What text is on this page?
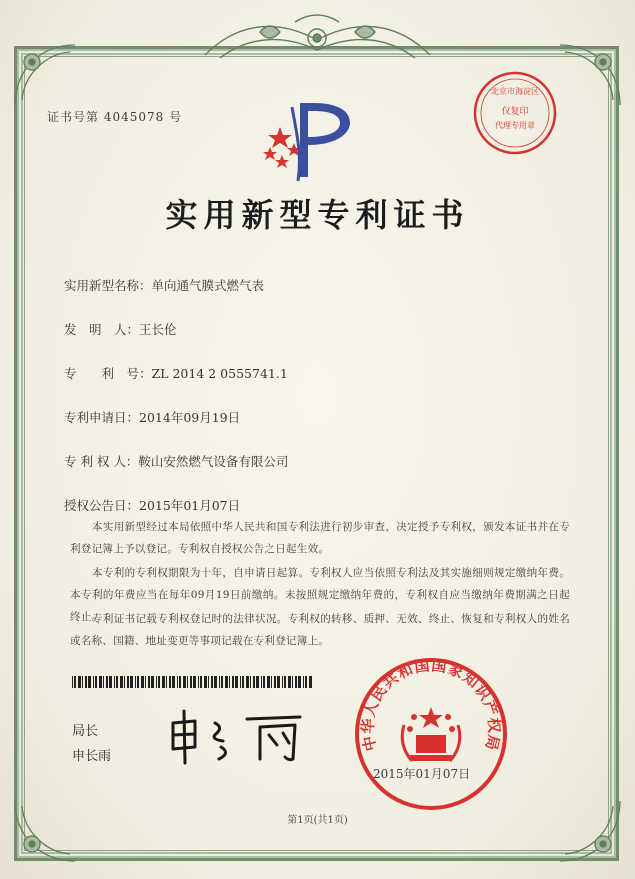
证书号第 4045078 号
北京市海淀区
仅复印
代理专用章
实用新型专利证书
实用新型名称：单向通气膜式燃气表
发　明　人：王长伦
专　　利　号：ZL 2014 2 0555741.1
专利申请日：2014年09月19日
专 利 权 人：鞍山安然燃气设备有限公司
授权公告日：2015年01月07日
本实用新型经过本局依照中华人民共和国专利法进行初步审查，决定授予专利权，颁发本证书并在专利登记簿上予以登记。专利权自授权公告之日起生效。
本专利的专利权期限为十年，自申请日起算。专利权人应当依照专利法及其实施细则规定缴纳年费。本专利的年费应当在每年09月19日前缴纳。未按照规定缴纳年费的，专利权自应当缴纳年费期满之日起终止。
专利证书记载专利权登记时的法律状况。专利权的转移、质押、无效、终止、恢复和专利权人的姓名或名称、国籍、地址变更等事项记载在专利登记簿上。
局长
申长雨
中华人民共和国国家知识产权局
2015年01月07日
第1页(共1页)
